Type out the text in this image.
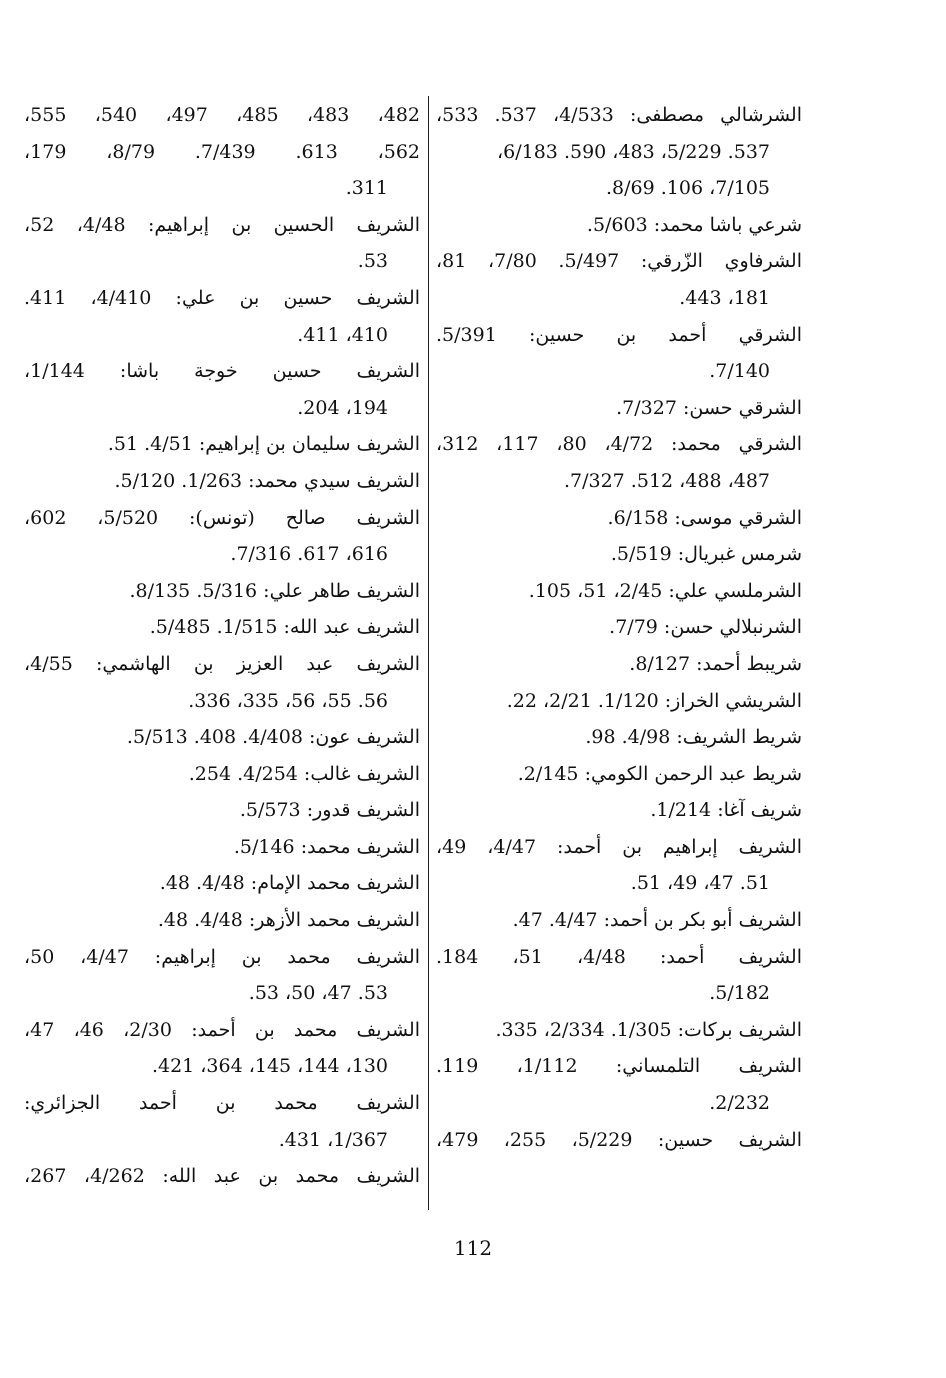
الشرشالي مصطفى: 4/533، 537. 533،
537. 5/229، 483، 590. 6/183،
7/105، 106. 8/69.
شرعي باشا محمد: 5/603.
الشرفاوي الزّرقي: 5/497. 7/80، 81،
181، 443.
الشرقي أحمد بن حسين: 5/391.
7/140.
الشرقي حسن: 7/327.
الشرقي محمد: 4/72، 80، 117، 312،
487، 488، 512. 7/327.
الشرقي موسى: 6/158.
شرمس غبريال: 5/519.
الشرملسي علي: 2/45، 51، 105.
الشرنبلالي حسن: 7/79.
شريبط أحمد: 8/127.
الشريشي الخراز: 1/120. 2/21، 22.
شريط الشريف: 4/98. 98.
شريط عبد الرحمن الكومي: 2/145.
شريف آغا: 1/214.
الشريف إبراهيم بن أحمد: 4/47، 49،
51. 47، 49، 51.
الشريف أبو بكر بن أحمد: 4/47. 47.
الشريف أحمد: 4/48، 51، 184.
5/182.
الشريف بركات: 1/305. 2/334، 335.
الشريف التلمساني: 1/112، 119.
2/232.
الشريف حسين: 5/229، 255، 479،
482، 483، 485، 497، 540، 555،
562، 613. 7/439. 8/79، 179،
311.
الشريف الحسين بن إبراهيم: 4/48، 52،
53.
الشريف حسين بن علي: 4/410، 411.
410، 411.
الشريف حسين خوجة باشا: 1/144،
194، 204.
الشريف سليمان بن إبراهيم: 4/51. 51.
الشريف سيدي محمد: 1/263. 5/120.
الشريف صالح (تونس): 5/520، 602،
616، 617. 7/316.
الشريف طاهر علي: 5/316. 8/135.
الشريف عبد الله: 1/515. 5/485.
الشريف عبد العزيز بن الهاشمي: 4/55،
56. 55، 56، 335، 336.
الشريف عون: 4/408. 408. 5/513.
الشريف غالب: 4/254. 254.
الشريف قدور: 5/573.
الشريف محمد: 5/146.
الشريف محمد الإمام: 4/48. 48.
الشريف محمد الأزهر: 4/48. 48.
الشريف محمد بن إبراهيم: 4/47، 50،
53. 47، 50، 53.
الشريف محمد بن أحمد: 2/30، 46، 47،
130، 144، 145، 364، 421.
الشريف محمد بن أحمد الجزائري:
1/367، 431.
الشريف محمد بن عبد الله: 4/262، 267،
112
